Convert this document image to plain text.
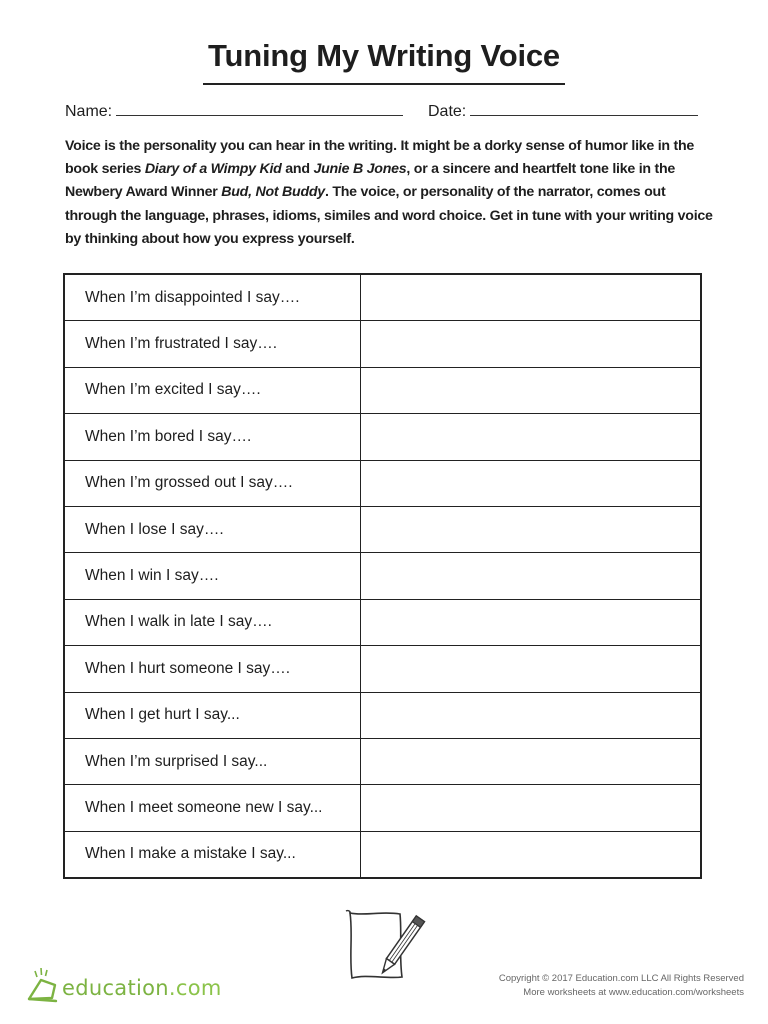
Tuning My Writing Voice
Name:	Date:
Voice is the personality you can hear in the writing. It might be a dorky sense of humor like in the book series Diary of a Wimpy Kid and Junie B Jones, or a sincere and heartfelt tone like in the Newbery Award Winner Bud, Not Buddy. The voice, or personality of the narrator, comes out through the language, phrases, idioms, similes and word choice. Get in tune with your writing voice by thinking about how you express yourself.
When I’m disappointed I say….	
When I’m frustrated I say….	
When I’m excited I say….	
When I’m bored I say….	
When I’m grossed out I say….	
When I lose I say….	
When I win I say….	
When I walk in late I say….	
When I hurt someone I say….	
When I get hurt I say...	
When I’m surprised I say...	
When I meet someone new I say...	
When I make a mistake I say...	
education.com	Copyright © 2017 Education.com LLC All Rights Reserved
More worksheets at www.education.com/worksheets
